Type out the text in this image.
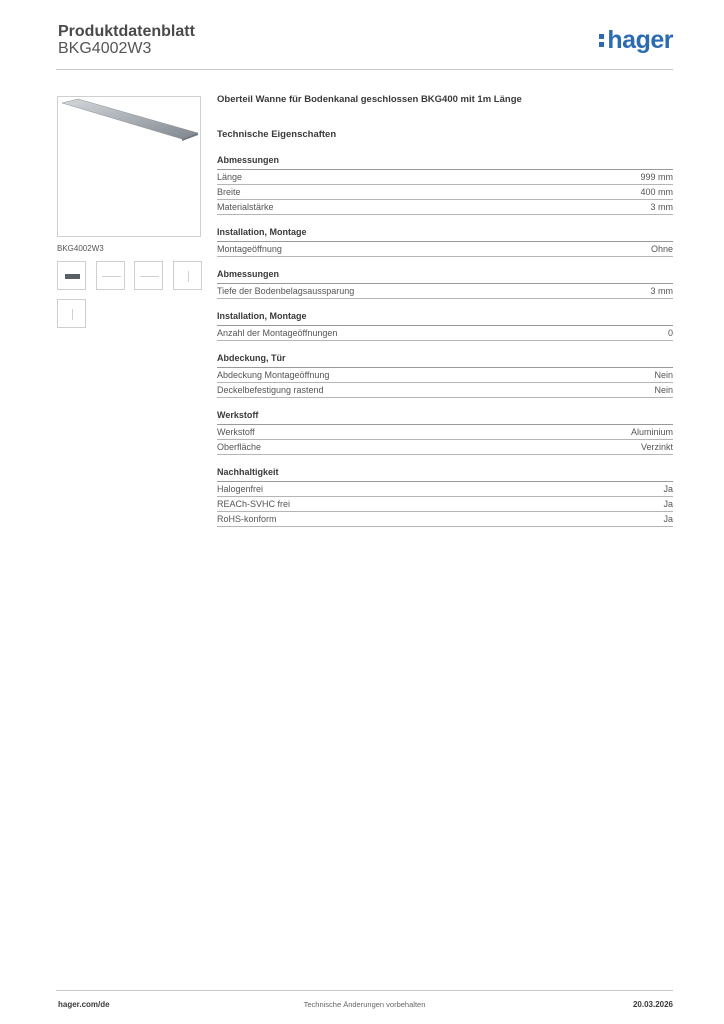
Produktdatenblatt
BKG4002W3	hager
BKG4002W3
Oberteil Wanne für Bodenkanal geschlossen BKG400 mit 1m Länge
Technische Eigenschaften
Abmessungen
Länge	999 mm
Breite	400 mm
Materialstärke	3 mm
Installation, Montage
Montageöffnung	Ohne
Abmessungen
Tiefe der Bodenbelagsaussparung	3 mm
Installation, Montage
Anzahl der Montageöffnungen	0
Abdeckung, Tür
Abdeckung Montageöffnung	Nein
Deckelbefestigung rastend	Nein
Werkstoff
Werkstoff	Aluminium
Oberfläche	Verzinkt
Nachhaltigkeit
Halogenfrei	Ja
REACh-SVHC frei	Ja
RoHS-konform	Ja
hager.com/de	Technische Änderungen vorbehalten	20.03.2026
